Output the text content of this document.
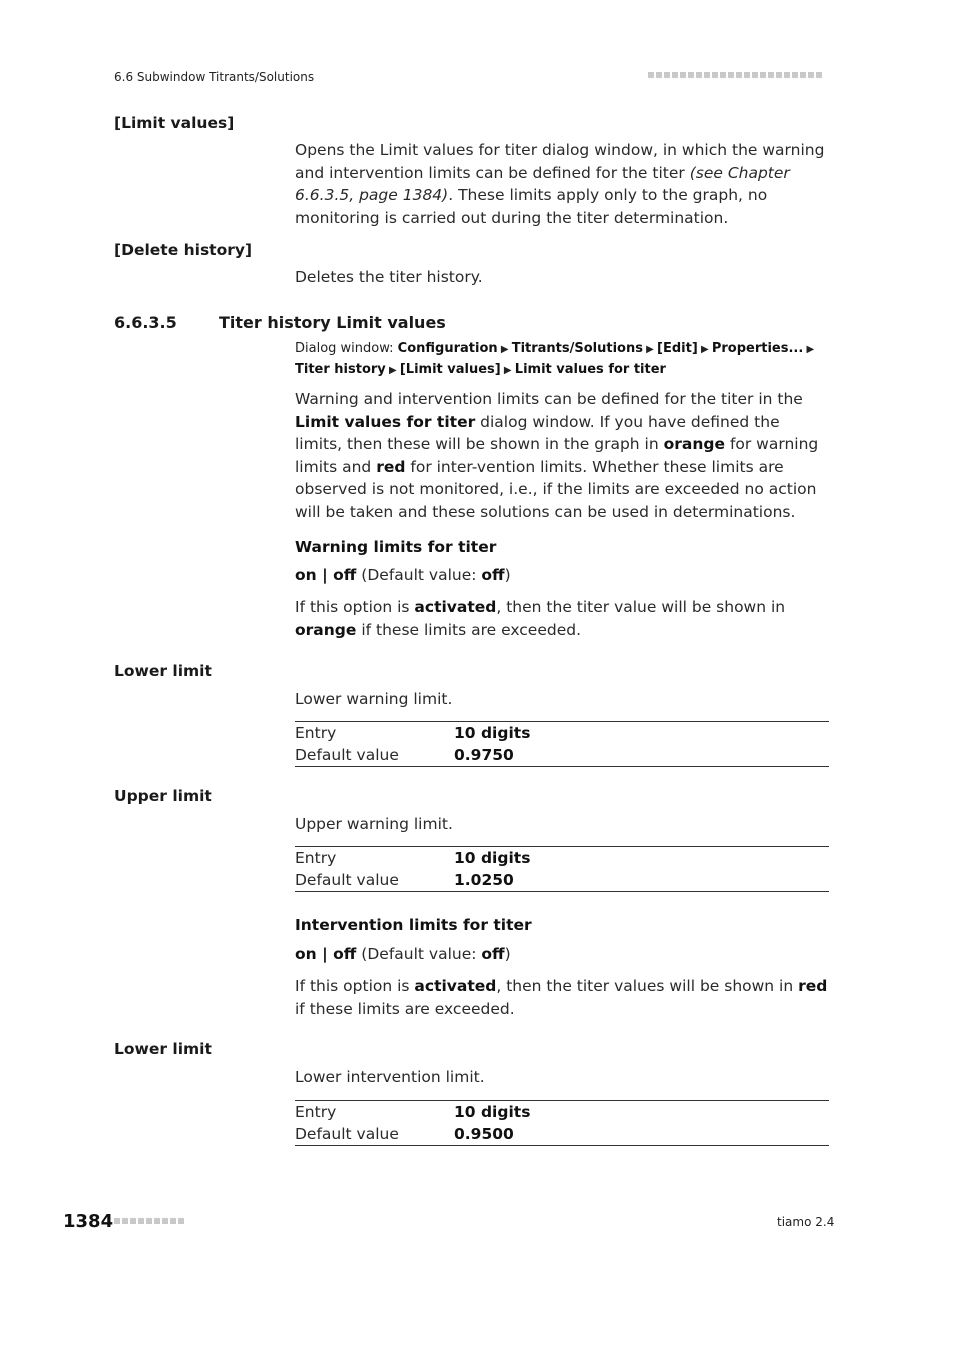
6.6 Subwindow Titrants/Solutions
[Limit values]
Opens the Limit values for titer dialog window, in which the warning and intervention limits can be defined for the titer (see Chapter 6.6.3.5, page 1384). These limits apply only to the graph, no monitoring is carried out during the titer determination.
[Delete history]
Deletes the titer history.
6.6.3.5	Titer history Limit values
Dialog window: Configuration ▶ Titrants/Solutions ▶ [Edit] ▶ Properties... ▶ Titer history ▶ [Limit values] ▶ Limit values for titer
Warning and intervention limits can be defined for the titer in the Limit values for titer dialog window. If you have defined the limits, then these will be shown in the graph in orange for warning limits and red for inter-vention limits. Whether these limits are observed is not monitored, i.e., if the limits are exceeded no action will be taken and these solutions can be used in determinations.
Warning limits for titer
on | off (Default value: off)
If this option is activated, then the titer value will be shown in orange if these limits are exceeded.
Lower limit
Lower warning limit.
Entry	10 digits
Default value	0.9750
Upper limit
Upper warning limit.
Entry	10 digits
Default value	1.0250
Intervention limits for titer
on | off (Default value: off)
If this option is activated, then the titer values will be shown in red if these limits are exceeded.
Lower limit
Lower intervention limit.
Entry	10 digits
Default value	0.9500
1384	tiamo 2.4
